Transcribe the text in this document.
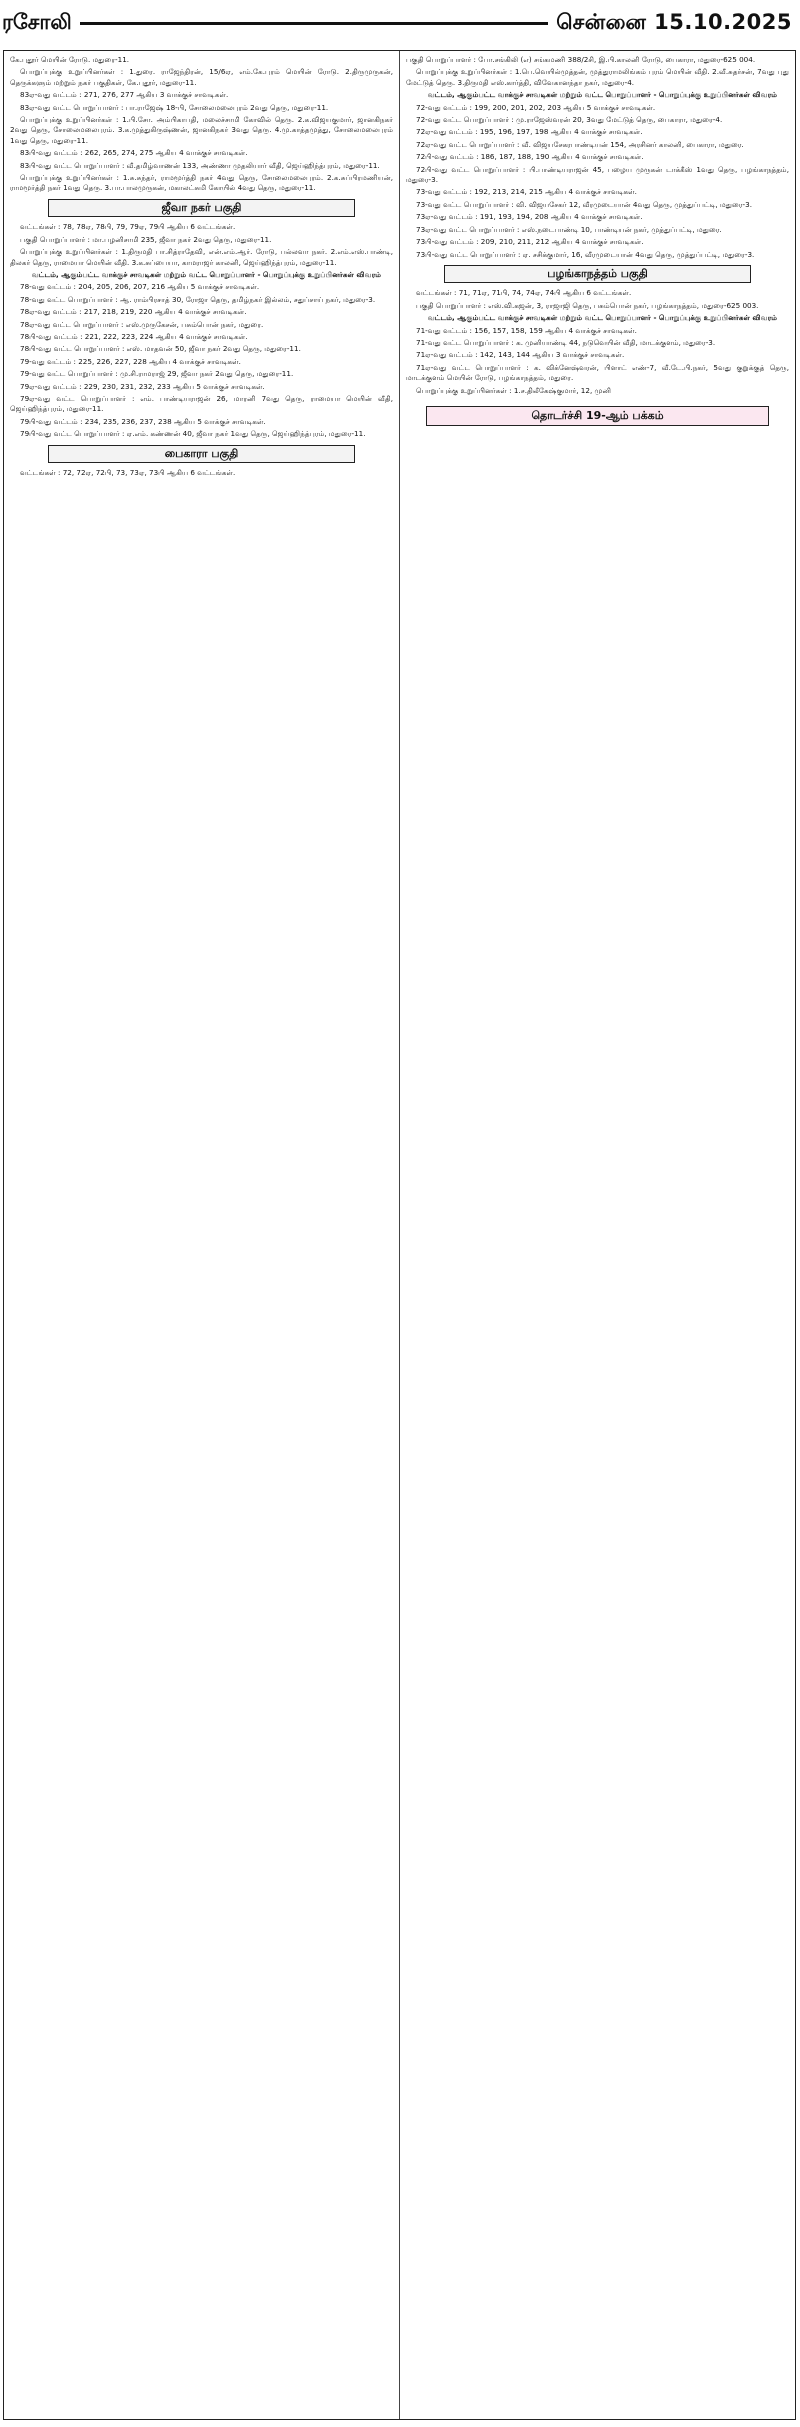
ரசோலி	சென்னை 15.10.2025

கே.புதூர் மெயின் ரோடு. மதுரை-11.

பொறுப்புக்கு உறுப்பினர்கள் : 1.துரை. ராஜேந்திரன், 15/6ஏ, எம்.கே.புரம் மெயின் ரோடு. 2.திருமுருகன், தெருக்களும் மற்றும் நகர் பகுதிகள், கே.புதூர், மதுரை-11.

83ஏ-வது வட்டம் : 271, 276, 277 ஆகிய 3 வாக்குச் சாவடிகள்.

83ஏ-வது வட்ட பொறுப்பாளர் : பா.ராஜேஷ் 18-பி, சோலைமலைபுரம் 2வது தெரு, மதுரை-11.

பொறுப்புக்கு உறுப்பினர்கள் : 1.பி.சோ. அம்பிகாபதி, மலைச்சாமி கோவில் தெரு. 2.க.விஜயகுமார், ஜானகிநகர் 2வது தெரு, சோலைமலைபுரம். 3.க.முத்துகிருஷ்ணன், ஜானகிநகர் 3வது தெரு. 4.மு.காத்தமுத்து, சோலைமலைபுரம் 1வது தெரு, மதுரை-11.

83பி-வது வட்டம் : 262, 265, 274, 275 ஆகிய 4 வாக்குச் சாவடிகள்.

83பி-வது வட்ட பொறுப்பாளர் : வீ.தமிழ்வாணன் 133, அண்ணா முதலியார் வீதி, ஜெய்ஹிந்த்புரம், மதுரை-11.

பொறுப்புக்கு உறுப்பினர்கள் : 1.சு.சுந்தர், ராமமூர்த்தி நகர் 4வது தெரு, சோலைமலைபுரம். 2.க.சுப்பிரமணியன், ராமமூர்த்தி நகர் 1வது தெரு. 3.பா.பாலமுருகன், மகாலட்சுமி கோயில் 4வது தெரு, மதுரை-11.

ஜீவா நகர் பகுதி

வட்டங்கள் : 78, 78ஏ, 78பி, 79, 79ஏ, 79பி ஆகிய 6 வட்டங்கள்.

பகுதி பொறுப்பாளர் : மா.பழனிசாமி 235, ஜீவா நகர் 2வது தெரு, மதுரை-11.

பொறுப்புக்கு உறுப்பினர்கள் : 1.திருமதி பா.சித்ராதேவி, என்.எம்.ஆர். ரோடு, பல்லவா நகர். 2.எம்.எஸ்.பாண்டி, திலகர் தெரு, ராமையா மெயின் வீதி. 3.க.சுப்பையா, காமராஜர் காலனி, ஜெய்ஹிந்த்புரம், மதுரை-11.

வட்டம், ஆகும்பட்ட வாக்குச் சாவடிகள் மற்றும் வட்ட பொறுப்பாளர் - பொறுப்புக்கு உறுப்பினர்கள் விவரம்

78-வது வட்டம் : 204, 205, 206, 207, 216 ஆகிய 5 வாக்குச் சாவடிகள்.

78-வது வட்ட பொறுப்பாளர் : ஆ. ராம்பிரசாத் 30, ரோஜா தெரு, தமிழ்நகர் இல்லம், சதுப்சாய் நகர், மதுரை-3.

78ஏ-வது வட்டம் : 217, 218, 219, 220 ஆகிய 4 வாக்குச் சாவடிகள்.

78ஏ-வது வட்ட பொறுப்பாளர் : எஸ்.முருகேசன், பசும்பொன் நகர், மதுரை.

78பி-வது வட்டம் : 221, 222, 223, 224 ஆகிய 4 வாக்குச் சாவடிகள்.

78பி-வது வட்ட பொறுப்பாளர் : எஸ். மாதவன் 50, ஜீவா நகர் 2வது தெரு, மதுரை-11.

79-வது வட்டம் : 225, 226, 227, 228 ஆகிய 4 வாக்குச் சாவடிகள்.

79-வது வட்ட பொறுப்பாளர் : மு.சி.ராமராஜ் 29, ஜீவா நகர் 2வது தெரு, மதுரை-11.

79ஏ-வது வட்டம் : 229, 230, 231, 232, 233 ஆகிய 5 வாக்குச் சாவடிகள்.

79ஏ-வது வட்ட பொறுப்பாளர் : எம். பாண்டியராஜன் 26, மாரனி 7வது தெரு, ராமையா மெயின் வீதி, ஜெய்ஹிந்த்புரம், மதுரை-11.

79பி-வது வட்டம் : 234, 235, 236, 237, 238 ஆகிய 5 வாக்குச் சாவடிகள்.

79பி-வது வட்ட பொறுப்பாளர் : ஏ.எம். கண்ணன் 40, ஜீவா நகர் 1வது தெரு, ஜெய்ஹிந்த்புரம், மதுரை-11.

பைகாரா பகுதி

வட்டங்கள் : 72, 72ஏ, 72பி, 73, 73ஏ, 73பி ஆகிய 6 வட்டங்கள்.

பகுதி பொறுப்பாளர் : போ.சங்கிலி (எ) சங்கமணி 388/2சி, இ.பி.காலனி ரோடு, பைகாரா, மதுரை-625 004.

பொறுப்புக்கு உறுப்பினர்கள் : 1.பெ.வெயில்முத்தன், முத்துராமலிங்கம் புரம் மெயின் வீதி. 2.வீ.சுதர்சன், 7வது புது மேட்டுத் தெரு. 3.திருமதி எஸ்.கார்த்தி, விவேகானந்தா நகர், மதுரை-4.

வட்டம், ஆகும்பட்ட வாக்குச் சாவடிகள் மற்றும் வட்ட பொறுப்பாளர் - பொறுப்புக்கு உறுப்பினர்கள் விவரம்

72-வது வட்டம் : 199, 200, 201, 202, 203 ஆகிய 5 வாக்குச் சாவடிகள்.

72-வது வட்ட பொறுப்பாளர் : மு.ராஜேஸ்வரன் 20, 3வது மேட்டுத் தெரு, பைகாரா, மதுரை-4.

72ஏ-வது வட்டம் : 195, 196, 197, 198 ஆகிய 4 வாக்குச் சாவடிகள்.

72ஏ-வது வட்ட பொறுப்பாளர் : வீ. விஜயசேகரபாண்டியன் 154, அரசினர் காலனி, பைகாரா, மதுரை.

72பி-வது வட்டம் : 186, 187, 188, 190 ஆகிய 4 வாக்குச் சாவடிகள்.

72பி-வது வட்ட பொறுப்பாளர் : பி.பாண்டியராஜன் 45, பழைய முருகன் டாக்கீஸ் 1வது தெரு, பழங்காநத்தம், மதுரை-3.

73-வது வட்டம் : 192, 213, 214, 215 ஆகிய 4 வாக்குச் சாவடிகள்.

73-வது வட்ட பொறுப்பாளர் : வி. விஜயசேகர் 12, வீரமுடையான் 4வது தெரு, முத்துப்பட்டி, மதுரை-3.

73ஏ-வது வட்டம் : 191, 193, 194, 208 ஆகிய 4 வாக்குச் சாவடிகள்.

73ஏ-வது வட்ட பொறுப்பாளர் : எஸ்.நடைபாண்டி 10, பாண்டியன் நகர், முத்துப்பட்டி, மதுரை.

73பி-வது வட்டம் : 209, 210, 211, 212 ஆகிய 4 வாக்குச் சாவடிகள்.

73பி-வது வட்ட பொறுப்பாளர் : ஏ. சசிக்குமார், 16, வீரமுடையான் 4வது தெரு, முத்துப்பட்டி, மதுரை-3.

பழங்காநத்தம் பகுதி

வட்டங்கள் : 71, 71ஏ, 71பி, 74, 74ஏ, 74பி ஆகிய 6 வட்டங்கள்.

பகுதி பொறுப்பாளர் : எஸ்.வி.கஜன், 3, ராஜாஜி தெரு, பசும்பொன் நகர், பழங்காநத்தம், மதுரை-625 003.

வட்டம், ஆகும்பட்ட வாக்குச் சாவடிகள் மற்றும் வட்ட பொறுப்பாளர் - பொறுப்புக்கு உறுப்பினர்கள் விவரம்

71-வது வட்டம் : 156, 157, 158, 159 ஆகிய 4 வாக்குச் சாவடிகள்.

71-வது வட்ட பொறுப்பாளர் : க. முனியாண்டி 44, நடுவெயின் வீதி, மாடக்குளம், மதுரை-3.

71ஏ-வது வட்டம் : 142, 143, 144 ஆகிய 3 வாக்குச் சாவடிகள்.

71ஏ-வது வட்ட பொறுப்பாளர் : க. விக்னேஷ்வரன், பிளாட் எண்-7, வீ.டே.பி.நகர், 5வது குறுக்குத் தெரு, மாடக்குளம் மெயின் ரோடு, பழங்காநத்தம், மதுரை.

பொறுப்புக்கு உறுப்பினர்கள் : 1.ச.திலீகேஷ்குமார், 12, முனி

தொடர்ச்சி 19-ஆம் பக்கம்
